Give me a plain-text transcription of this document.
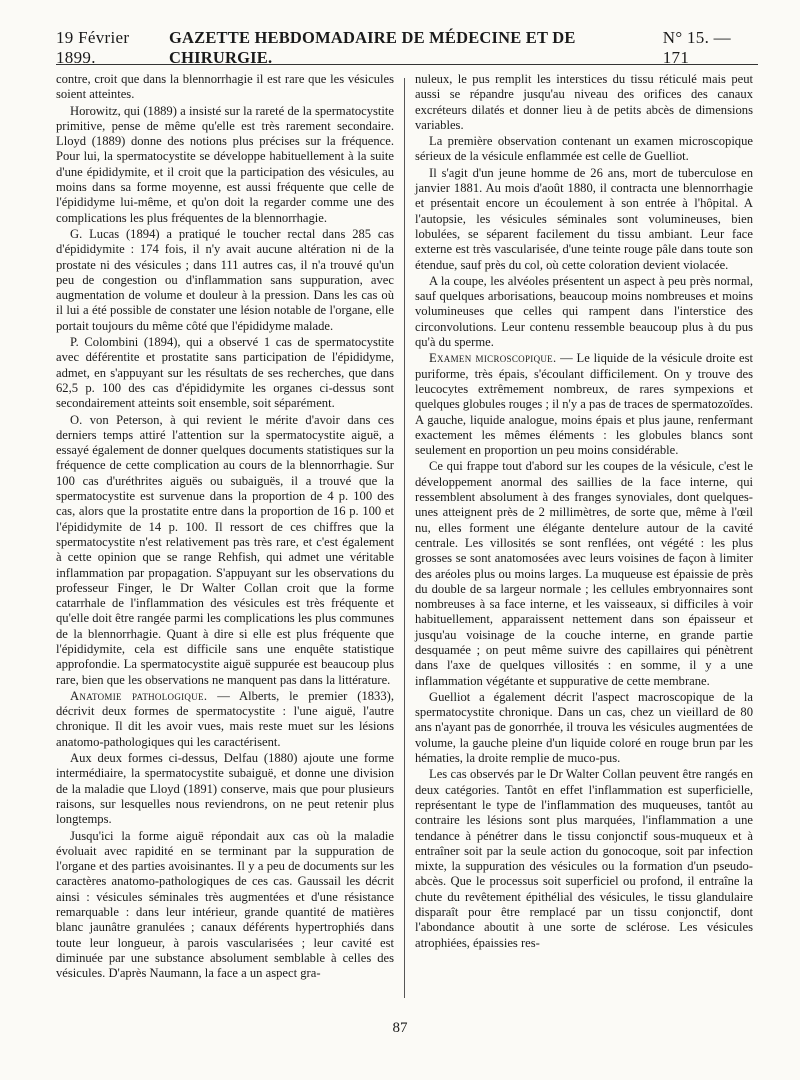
19 Février 1899.
GAZETTE HEBDOMADAIRE DE MÉDECINE ET DE CHIRURGIE.
N° 15. — 171

contre, croit que dans la blennorrhagie il est rare que les vésicules soient atteintes.

Horowitz, qui (1889) a insisté sur la rareté de la spermatocystite primitive, pense de même qu'elle est très rarement secondaire. Lloyd (1889) donne des notions plus précises sur la fréquence. Pour lui, la spermatocystite se développe habituellement à la suite d'une épididymite, et il croit que la participation des vésicules, au moins dans sa forme moyenne, est aussi fréquente que celle de l'épididyme lui-même, et qu'on doit la regarder comme une des complications les plus fréquentes de la blennorrhagie.

G. Lucas (1894) a pratiqué le toucher rectal dans 285 cas d'épididymite : 174 fois, il n'y avait aucune altération ni de la prostate ni des vésicules ; dans 111 autres cas, il n'a trouvé qu'un peu de congestion ou d'inflammation sans suppuration, avec augmentation de volume et douleur à la pression. Dans les cas où il lui a été possible de constater une lésion notable de l'organe, elle portait toujours du même côté que l'épididyme malade.

P. Colombini (1894), qui a observé 1 cas de spermatocystite avec déférentite et prostatite sans participation de l'épididyme, admet, en s'appuyant sur les résultats de ses recherches, que dans 62,5 p. 100 des cas d'épididymite les organes ci-dessus sont secondairement atteints soit ensemble, soit séparément.

O. von Peterson, à qui revient le mérite d'avoir dans ces derniers temps attiré l'attention sur la spermatocystite aiguë, a essayé également de donner quelques documents statistiques sur la fréquence de cette complication au cours de la blennorrhagie. Sur 100 cas d'uréthrites aiguës ou subaiguës, il a trouvé que la spermatocystite est survenue dans la proportion de 4 p. 100 des cas, alors que la prostatite entre dans la proportion de 16 p. 100 et l'épididymite de 14 p. 100. Il ressort de ces chiffres que la spermatocystite n'est relativement pas très rare, et c'est également à cette opinion que se range Rehfish, qui admet une véritable inflammation par propagation. S'appuyant sur les observations du professeur Finger, le Dr Walter Collan croit que la forme catarrhale de l'inflammation des vésicules est très fréquente et qu'elle doit être rangée parmi les complications les plus communes de la blennorrhagie. Quant à dire si elle est plus fréquente que l'épididymite, cela est difficile sans une enquête statistique approfondie. La spermatocystite aiguë suppurée est beaucoup plus rare, bien que les observations ne manquent pas dans la littérature.

Anatomie pathologique. — Alberts, le premier (1833), décrivit deux formes de spermatocystite : l'une aiguë, l'autre chronique. Il dit les avoir vues, mais reste muet sur les lésions anatomo-pathologiques qui les caractérisent.

Aux deux formes ci-dessus, Delfau (1880) ajoute une forme intermédiaire, la spermatocystite subaiguë, et donne une division de la maladie que Lloyd (1891) conserve, mais que pour plusieurs raisons, sur lesquelles nous reviendrons, on ne peut retenir plus longtemps.

Jusqu'ici la forme aiguë répondait aux cas où la maladie évoluait avec rapidité en se terminant par la suppuration de l'organe et des parties avoisinantes. Il y a peu de documents sur les caractères anatomo-pathologiques de ces cas. Gaussail les décrit ainsi : vésicules séminales très augmentées et d'une résistance remarquable : dans leur intérieur, grande quantité de matières blanc jaunâtre granulées ; canaux déférents hypertrophiés dans toute leur longueur, à parois vascularisées ; leur cavité est diminuée par une substance absolument semblable à celles des vésicules. D'après Naumann, la face a un aspect gra-

nuleux, le pus remplit les interstices du tissu réticulé mais peut aussi se répandre jusqu'au niveau des orifices des canaux excréteurs dilatés et donner lieu à de petits abcès de dimensions variables.

La première observation contenant un examen microscopique sérieux de la vésicule enflammée est celle de Guelliot.

Il s'agit d'un jeune homme de 26 ans, mort de tuberculose en janvier 1881. Au mois d'août 1880, il contracta une blennorrhagie et présentait encore un écoulement à son entrée à l'hôpital. A l'autopsie, les vésicules séminales sont volumineuses, bien lobulées, se séparent facilement du tissu ambiant. Leur face externe est très vascularisée, d'une teinte rouge pâle dans toute son étendue, sauf près du col, où cette coloration devient violacée.

A la coupe, les alvéoles présentent un aspect à peu près normal, sauf quelques arborisations, beaucoup moins nombreuses et moins volumineuses que celles qui rampent dans l'interstice des circonvolutions. Leur contenu ressemble beaucoup plus à du pus qu'à du sperme.

Examen microscopique. — Le liquide de la vésicule droite est puriforme, très épais, s'écoulant difficilement. On y trouve des leucocytes extrêmement nombreux, de rares sympexions et quelques globules rouges ; il n'y a pas de traces de spermatozoïdes. A gauche, liquide analogue, moins épais et plus jaune, renfermant exactement les mêmes éléments : les globules blancs sont seulement en proportion un peu moins considérable.

Ce qui frappe tout d'abord sur les coupes de la vésicule, c'est le développement anormal des saillies de la face interne, qui ressemblent absolument à des franges synoviales, dont quelques-unes atteignent près de 2 millimètres, de sorte que, même à l'œil nu, elles forment une élégante dentelure autour de la cavité centrale. Les villosités se sont renflées, ont végété : les plus grosses se sont anatomosées avec leurs voisines de façon à limiter des aréoles plus ou moins larges. La muqueuse est épaissie de près du double de sa largeur normale ; les cellules embryonnaires sont nombreuses à sa face interne, et les vaisseaux, si difficiles à voir habituellement, apparaissent nettement dans son épaisseur et jusqu'au voisinage de la couche interne, en grande partie desquamée ; on peut même suivre des capillaires qui pénètrent dans l'axe de quelques villosités : en somme, il y a une inflammation végétante et suppurative de cette membrane.

Guelliot a également décrit l'aspect macroscopique de la spermatocystite chronique. Dans un cas, chez un vieillard de 80 ans n'ayant pas de gonorrhée, il trouva les vésicules augmentées de volume, la gauche pleine d'un liquide coloré en rouge brun par les hématies, la droite remplie de muco-pus.

Les cas observés par le Dr Walter Collan peuvent être rangés en deux catégories. Tantôt en effet l'inflammation est superficielle, représentant le type de l'inflammation des muqueuses, tantôt au contraire les lésions sont plus marquées, l'inflammation a une tendance à pénétrer dans le tissu conjonctif sous-muqueux et à entraîner soit par la seule action du gonocoque, soit par infection mixte, la suppuration des vésicules ou la formation d'un pseudo-abcès. Que le processus soit superficiel ou profond, il entraîne la chute du revêtement épithélial des vésicules, le tissu glandulaire disparaît pour être remplacé par un tissu conjonctif, dont l'abondance aboutit à une sorte de sclérose. Les vésicules atrophiées, épaissies res-

87
